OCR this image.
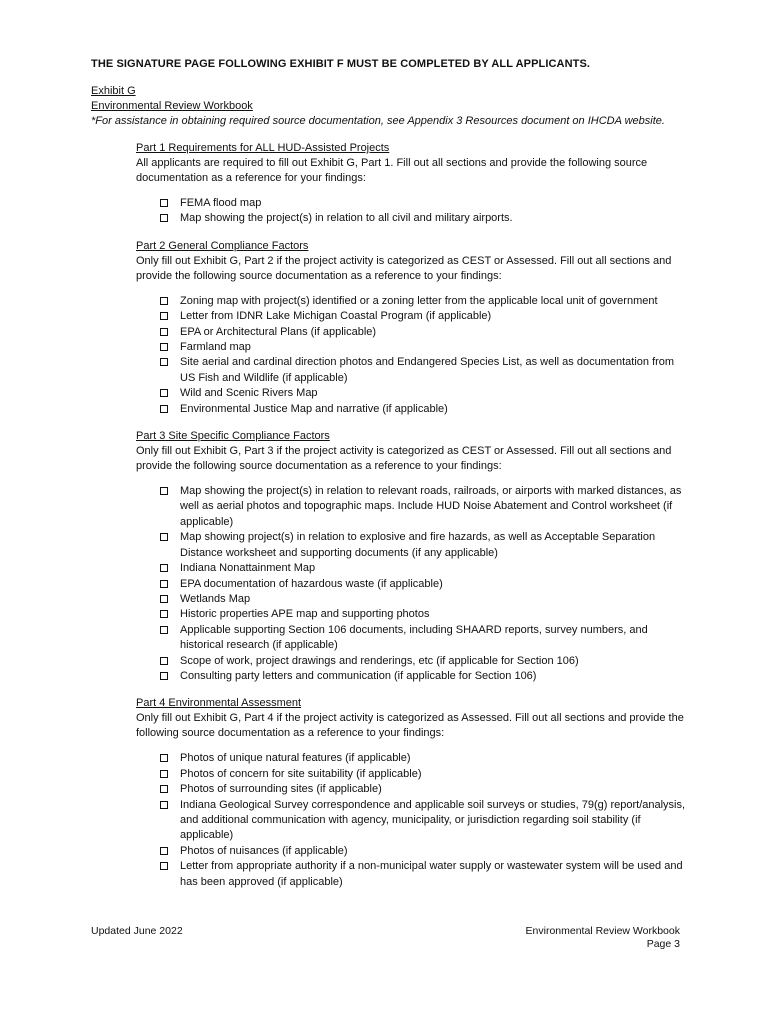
THE SIGNATURE PAGE FOLLOWING EXHIBIT F MUST BE COMPLETED BY ALL APPLICANTS.

Exhibit G

Environmental Review Workbook

*For assistance in obtaining required source documentation, see Appendix 3 Resources document on IHCDA website.

Part 1 Requirements for ALL HUD-Assisted Projects

All applicants are required to fill out Exhibit G, Part 1. Fill out all sections and provide the following source documentation as a reference for your findings:

FEMA flood map
Map showing the project(s) in relation to all civil and military airports.

Part 2 General Compliance Factors

Only fill out Exhibit G, Part 2 if the project activity is categorized as CEST or Assessed. Fill out all sections and provide the following source documentation as a reference to your findings:

Zoning map with project(s) identified or a zoning letter from the applicable local unit of government
Letter from IDNR Lake Michigan Coastal Program (if applicable)
EPA or Architectural Plans (if applicable)
Farmland map
Site aerial and cardinal direction photos and Endangered Species List, as well as documentation from US Fish and Wildlife (if applicable)
Wild and Scenic Rivers Map
Environmental Justice Map and narrative (if applicable)

Part 3 Site Specific Compliance Factors

Only fill out Exhibit G, Part 3 if the project activity is categorized as CEST or Assessed. Fill out all sections and provide the following source documentation as a reference to your findings:

Map showing the project(s) in relation to relevant roads, railroads, or airports with marked distances, as well as aerial photos and topographic maps. Include HUD Noise Abatement and Control worksheet (if applicable)
Map showing project(s) in relation to explosive and fire hazards, as well as Acceptable Separation Distance worksheet and supporting documents (if any applicable)
Indiana Nonattainment Map
EPA documentation of hazardous waste (if applicable)
Wetlands Map
Historic properties APE map and supporting photos
Applicable supporting Section 106 documents, including SHAARD reports, survey numbers, and historical research (if applicable)
Scope of work, project drawings and renderings, etc (if applicable for Section 106)
Consulting party letters and communication (if applicable for Section 106)

Part 4 Environmental Assessment

Only fill out Exhibit G, Part 4 if the project activity is categorized as Assessed. Fill out all sections and provide the following source documentation as a reference to your findings:

Photos of unique natural features (if applicable)
Photos of concern for site suitability (if applicable)
Photos of surrounding sites (if applicable)
Indiana Geological Survey correspondence and applicable soil surveys or studies, 79(g) report/analysis, and additional communication with agency, municipality, or jurisdiction regarding soil stability (if applicable)
Photos of nuisances (if applicable)
Letter from appropriate authority if a non-municipal water supply or wastewater system will be used and has been approved (if applicable)
Updated June 2022	Environmental Review Workbook
Page 3
